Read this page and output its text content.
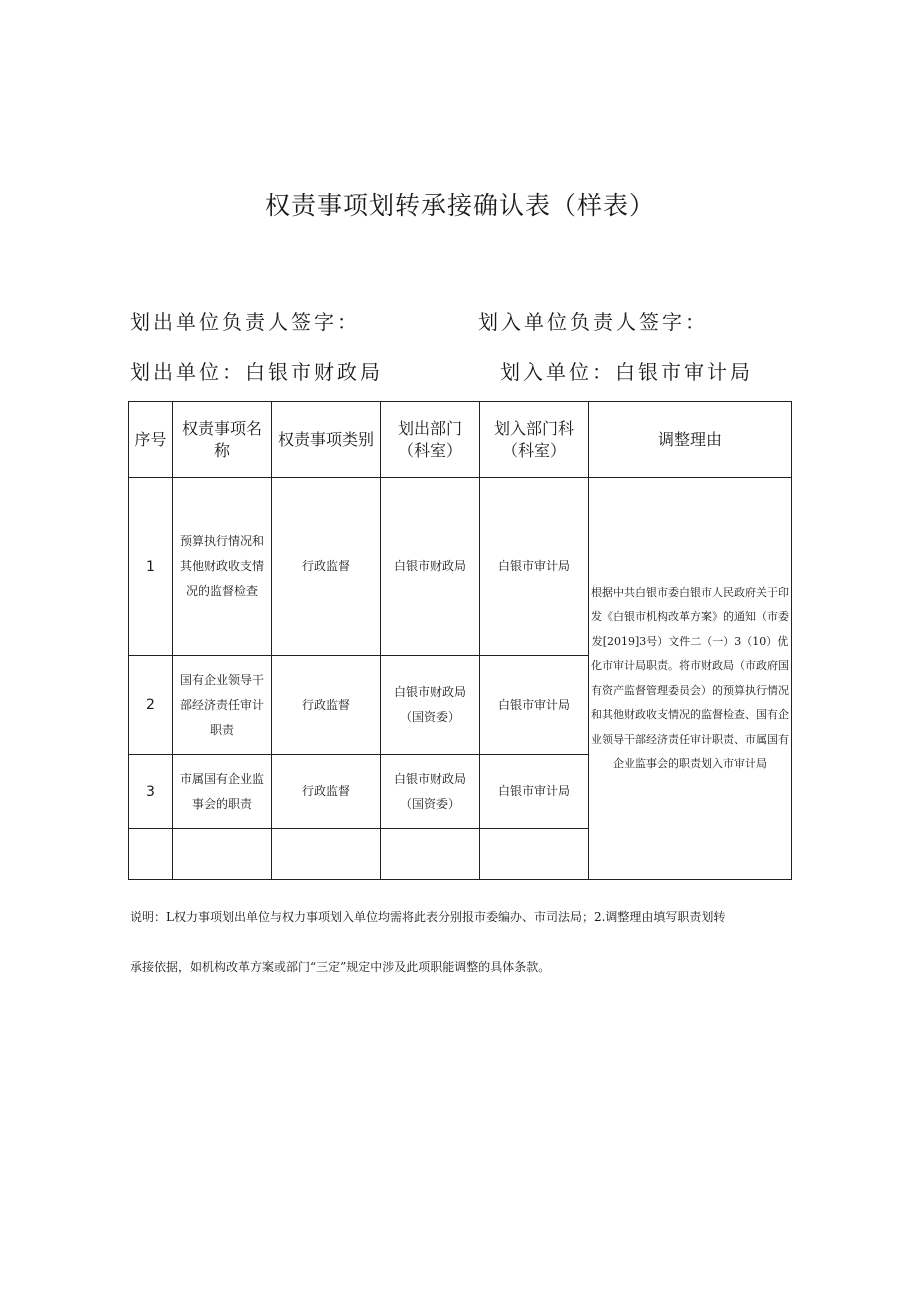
权责事项划转承接确认表（样表）
划出单位负责人签字：	划入单位负责人签字：
划出单位：白银市财政局	划入单位：白银市审计局
序号	权责事项名称	权责事项类别	划出部门（科室）	划入部门科（科室）	调整理由
1	预算执行情况和其他财政收支情况的监督检查	行政监督	白银市财政局	白银市审计局	根据中共白银市委白银市人民政府关于印发《白银市机构改革方案》的通知（市委发[2019]3号）文件二（一）3（10）优化市审计局职责。将市财政局（市政府国有资产监督管理委员会）的预算执行情况和其他财政收支情况的监督检查、国有企业领导干部经济责任审计职责、市属国有企业监事会的职责划入市审计局
2	国有企业领导干部经济责任审计职责	行政监督	白银市财政局（国资委）	白银市审计局	
3	市属国有企业监事会的职责	行政监督	白银市财政局（国资委）	白银市审计局	

说明：L权力事项划出单位与权力事项划入单位均需将此表分别报市委编办、市司法局；2.调整理由填写职责划转
承接依据，如机构改革方案或部门“三定”规定中涉及此项职能调整的具体条款。
